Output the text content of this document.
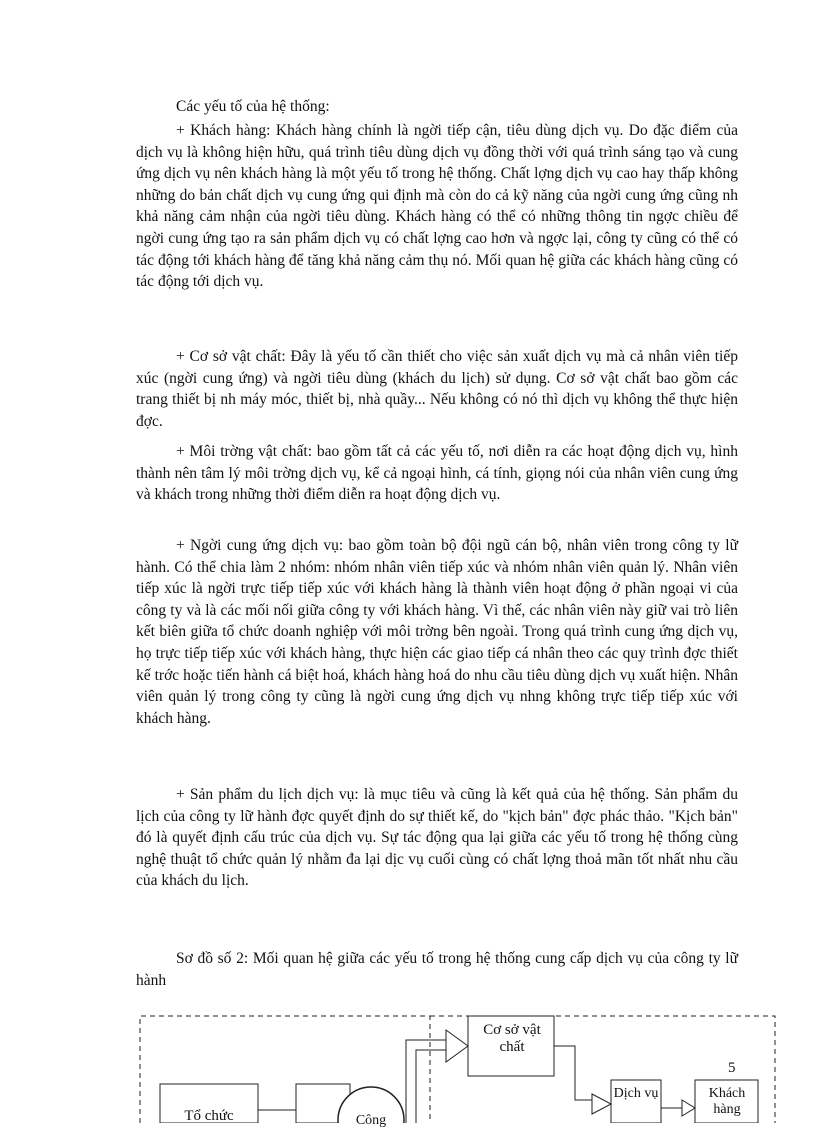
Các yếu tố của hệ thống:

+ Khách hàng: Khách hàng chính là ngời tiếp cận, tiêu dùng dịch vụ. Do đặc điểm của dịch vụ là không hiện hữu, quá trình tiêu dùng dịch vụ đồng thời với quá trình sáng tạo và cung ứng dịch vụ nên khách hàng là một yếu tố trong hệ thống. Chất lợng dịch vụ cao hay thấp không những do bản chất dịch vụ cung ứng qui định mà còn do cả kỹ năng của ngời cung ứng cũng nh khả năng cảm nhận của ngời tiêu dùng. Khách hàng có thể có những thông tin ngợc chiều để ngời cung ứng tạo ra sản phẩm dịch vụ có chất lợng cao hơn và ngợc lại, công ty cũng có thể có tác động tới khách hàng để tăng khả năng cảm thụ nó. Mối quan hệ giữa các khách hàng cũng có tác động tới dịch vụ.

+ Cơ sở vật chất: Đây là yếu tố cần thiết cho việc sản xuất dịch vụ mà cả nhân viên tiếp xúc (ngời cung ứng) và ngời tiêu dùng (khách du lịch) sử dụng. Cơ sở vật chất bao gồm các trang thiết bị nh máy móc, thiết bị, nhà quầy... Nếu không có nó thì dịch vụ không thể thực hiện đợc.

+ Môi trờng vật chất: bao gồm tất cả các yếu tố, nơi diễn ra các hoạt động dịch vụ, hình thành nên tâm lý môi trờng dịch vụ, kể cả ngoại hình, cá tính, giọng nói của nhân viên cung ứng và khách trong những thời điểm diễn ra hoạt động dịch vụ.

+ Ngời cung ứng dịch vụ: bao gồm toàn bộ đội ngũ cán bộ, nhân viên trong công ty lữ hành. Có thể chia làm 2 nhóm: nhóm nhân viên tiếp xúc và nhóm nhân viên quản lý. Nhân viên tiếp xúc là ngời trực tiếp tiếp xúc với khách hàng là thành viên hoạt động ở phần ngoại vi của công ty và là các mối nối giữa công ty với khách hàng. Vì thế, các nhân viên này giữ vai trò liên kết biên giữa tổ chức doanh nghiệp với môi trờng bên ngoài. Trong quá trình cung ứng dịch vụ, họ trực tiếp tiếp xúc với khách hàng, thực hiện các giao tiếp cá nhân theo các quy trình đợc thiết kế trớc hoặc tiến hành cá biệt hoá, khách hàng hoá do nhu cầu tiêu dùng dịch vụ xuất hiện. Nhân viên quản lý trong công ty cũng là ngời cung ứng dịch vụ nhng không trực tiếp tiếp xúc với khách hàng.

+ Sản phẩm du lịch dịch vụ: là mục tiêu và cũng là kết quả của hệ thống. Sản phẩm du lịch của công ty lữ hành đợc quyết định do sự thiết kế, do "kịch bản" đợc phác thảo. "Kịch bản" đó là quyết định cấu trúc của dịch vụ. Sự tác động qua lại giữa các yếu tố trong hệ thống cùng nghệ thuật tổ chức quản lý nhằm đa lại dịc vụ cuối cùng có chất lợng thoả mãn tốt nhất nhu cầu của khách du lịch.

Sơ đồ số 2: Mối quan hệ giữa các yếu tố trong hệ thống cung cấp dịch vụ của công ty lữ hành

Cơ sở vật chất

Dịch vụ	Khách hàng

Tổ chức	Công

5
